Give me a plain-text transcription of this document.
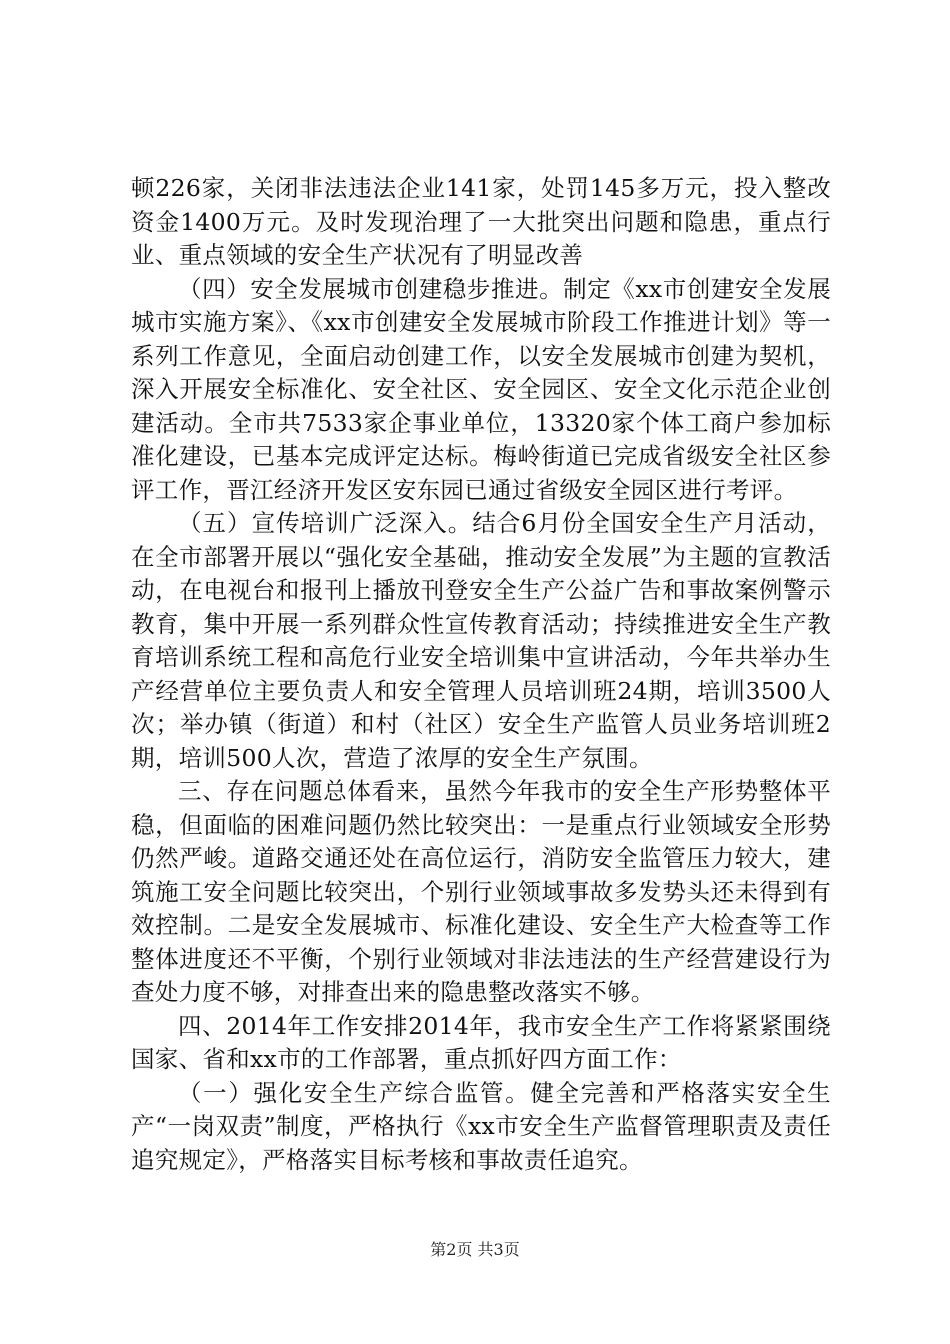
顿226家，关闭非法违法企业141家，处罚145多万元，投入整改资金1400万元。及时发现治理了一大批突出问题和隐患，重点行业、重点领域的安全生产状况有了明显改善

（四）安全发展城市创建稳步推进。制定《xx市创建安全发展城市实施方案》、《xx市创建安全发展城市阶段工作推进计划》等一系列工作意见，全面启动创建工作，以安全发展城市创建为契机，深入开展安全标准化、安全社区、安全园区、安全文化示范企业创建活动。全市共7533家企事业单位，13320家个体工商户参加标准化建设，已基本完成评定达标。梅岭街道已完成省级安全社区参评工作，晋江经济开发区安东园已通过省级安全园区进行考评。

（五）宣传培训广泛深入。结合6月份全国安全生产月活动，在全市部署开展以“强化安全基础，推动安全发展”为主题的宣教活动，在电视台和报刊上播放刊登安全生产公益广告和事故案例警示教育，集中开展一系列群众性宣传教育活动；持续推进安全生产教育培训系统工程和高危行业安全培训集中宣讲活动，今年共举办生产经营单位主要负责人和安全管理人员培训班24期，培训3500人次；举办镇（街道）和村（社区）安全生产监管人员业务培训班2期，培训500人次，营造了浓厚的安全生产氛围。

三、存在问题总体看来，虽然今年我市的安全生产形势整体平稳，但面临的困难问题仍然比较突出：一是重点行业领域安全形势仍然严峻。道路交通还处在高位运行，消防安全监管压力较大，建筑施工安全问题比较突出，个别行业领域事故多发势头还未得到有效控制。二是安全发展城市、标准化建设、安全生产大检查等工作整体进度还不平衡，个别行业领域对非法违法的生产经营建设行为查处力度不够，对排查出来的隐患整改落实不够。

四、2014年工作安排2014年，我市安全生产工作将紧紧围绕国家、省和xx市的工作部署，重点抓好四方面工作：

（一）强化安全生产综合监管。健全完善和严格落实安全生产“一岗双责”制度，严格执行《xx市安全生产监督管理职责及责任追究规定》，严格落实目标考核和事故责任追究。

第2页 共3页
